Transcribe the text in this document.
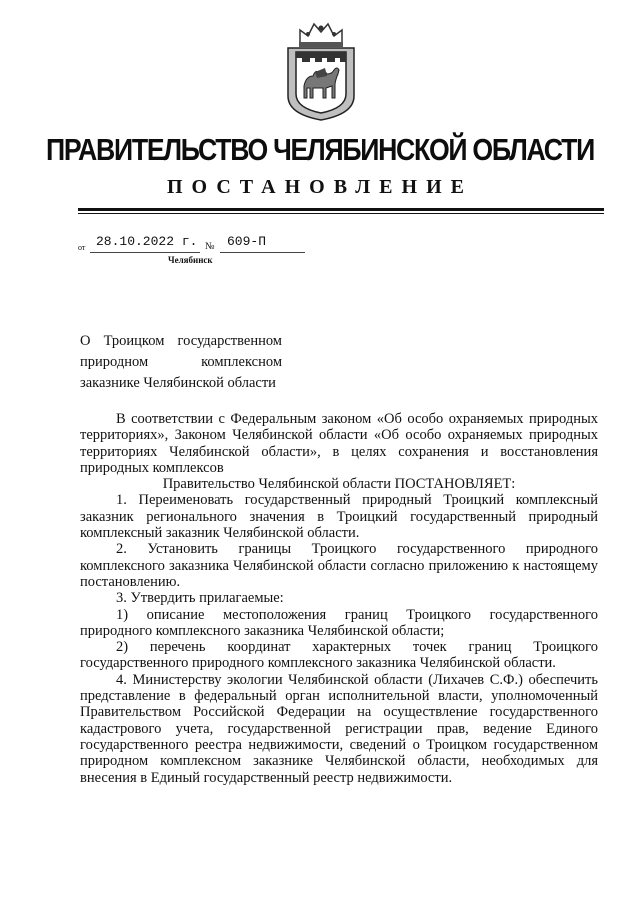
ПРАВИТЕЛЬСТВО ЧЕЛЯБИНСКОЙ ОБЛАСТИ
ПОСТАНОВЛЕНИЕ
от 28.10.2022 г. № 609-П
Челябинск
О Троицком государственном
природном комплексном
заказнике Челябинской области

В соответствии с Федеральным законом «Об особо охраняемых природных территориях», Законом Челябинской области «Об особо охраняемых природных территориях Челябинской области», в целях сохранения и восстановления природных комплексов

Правительство Челябинской области ПОСТАНОВЛЯЕТ:

1. Переименовать государственный природный Троицкий комплексный заказник регионального значения в Троицкий государственный природный комплексный заказник Челябинской области.

2. Установить границы Троицкого государственного природного комплексного заказника Челябинской области согласно приложению к настоящему постановлению.

3. Утвердить прилагаемые:

1) описание местоположения границ Троицкого государственного природного комплексного заказника Челябинской области;

2) перечень координат характерных точек границ Троицкого государственного природного комплексного заказника Челябинской области.

4. Министерству экологии Челябинской области (Лихачев С.Ф.) обеспечить представление в федеральный орган исполнительной власти, уполномоченный Правительством Российской Федерации на осуществление государственного кадастрового учета, государственной регистрации прав, ведение Единого государственного реестра недвижимости, сведений о Троицком государственном природном комплексном заказнике Челябинской области, необходимых для внесения в Единый государственный реестр недвижимости.
